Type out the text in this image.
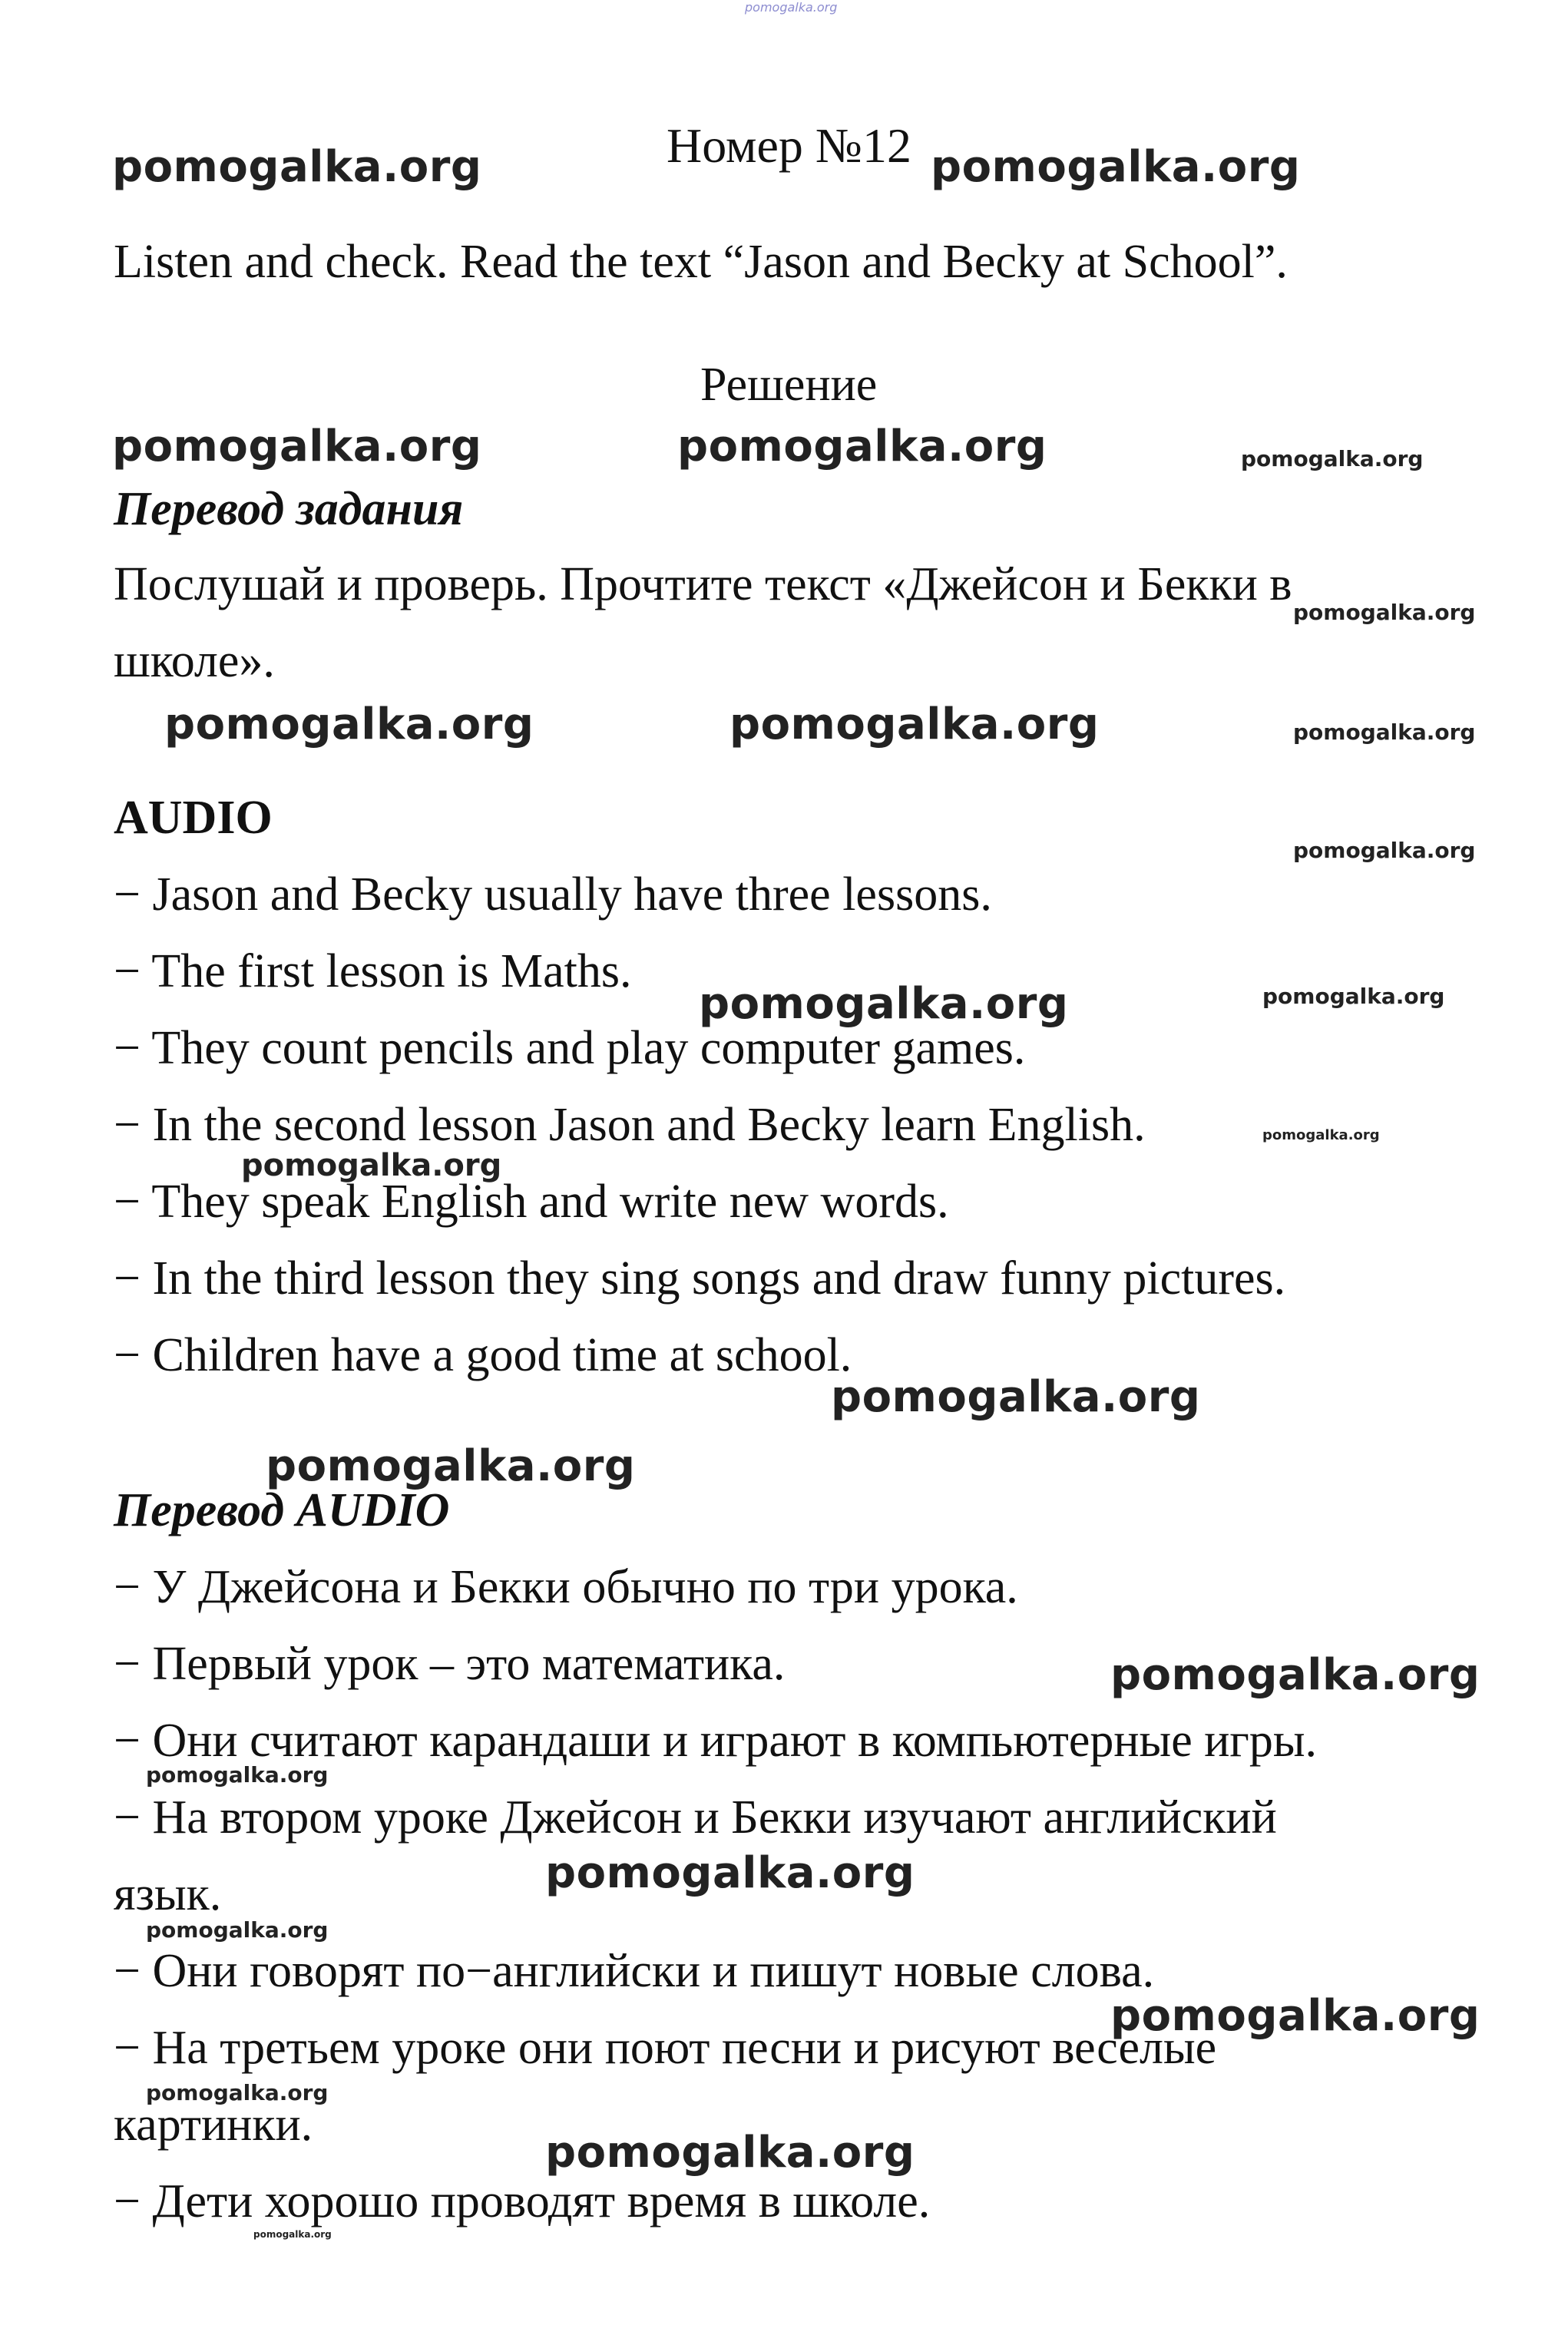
pomogalka.org
Номер №12
Listen and check. Read the text “Jason and Becky at School”.
Решение
Перевод задания
Послушай и проверь. Прочтите текст «Джейсон и Бекки в
школе».
AUDIO
− Jason and Becky usually have three lessons.
− The first lesson is Maths.
− They count pencils and play computer games.
− In the second lesson Jason and Becky learn English.
− They speak English and write new words.
− In the third lesson they sing songs and draw funny pictures.
− Children have a good time at school.
Перевод AUDIO
− У Джейсона и Бекки обычно по три урока.
− Первый урок – это математика.
− Они считают карандаши и играют в компьютерные игры.
− На втором уроке Джейсон и Бекки изучают английский
язык.
− Они говорят по−английски и пишут новые слова.
− На третьем уроке они поют песни и рисуют веселые
картинки.
− Дети хорошо проводят время в школе.
pomogalka.org	pomogalka.org
pomogalka.org	pomogalka.org	pomogalka.org
pomogalka.org
pomogalka.org	pomogalka.org	pomogalka.org
pomogalka.org
pomogalka.org	pomogalka.org
pomogalka.org
pomogalka.org
pomogalka.org
pomogalka.org
pomogalka.org
pomogalka.org
pomogalka.org
pomogalka.org
pomogalka.org
pomogalka.org
pomogalka.org
pomogalka.org
